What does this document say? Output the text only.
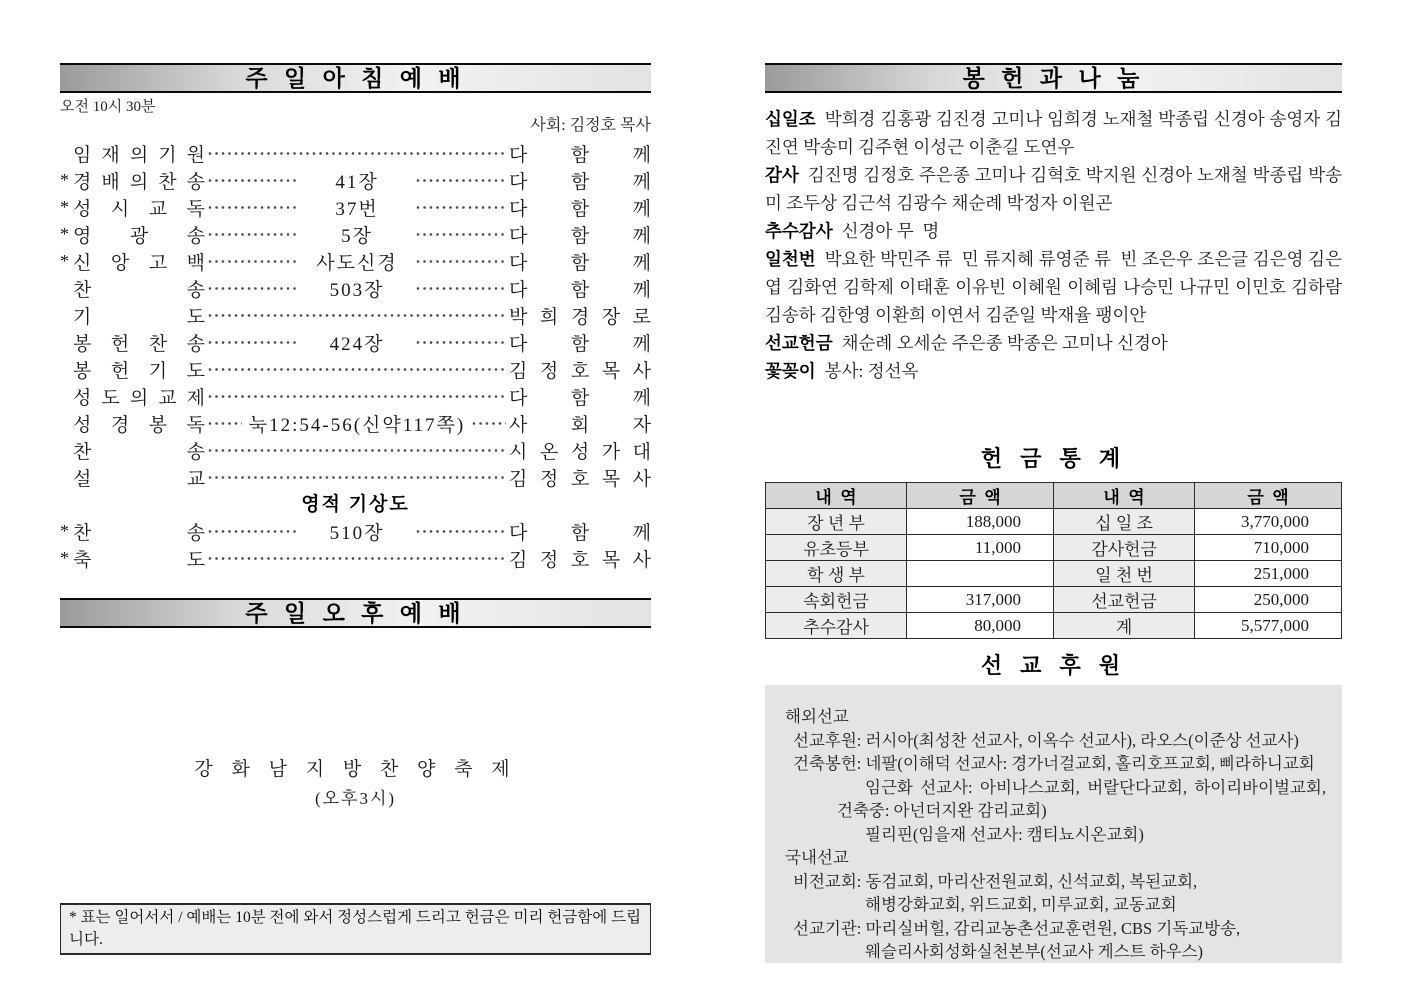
주 일 아 침 예 배
오전 10시 30분
사회: 김정호 목사
임 재 의 기 원	다 함 께
* 경 배 의 찬 송	41장	다 함 께
* 성 시 교 독	37번	다 함 께
* 영 광 송	5장	다 함 께
* 신 앙 고 백	사도신경	다 함 께
찬 송	503장	다 함 께
기 도	박 희 경 장 로
봉 헌 찬 송	424장	다 함 께
봉 헌 기 도	김 정 호 목 사
성 도 의 교 제	다 함 께
성 경 봉 독 눅12:54-56(신약117쪽) 사 회 자
찬 송	시 온 성 가 대
설 교	김 정 호 목 사
영적 기상도
* 찬 송	510장	다 함 께
* 축 도	김 정 호 목 사
주 일 오 후 예 배
강 화 남 지 방 찬 양 축 제
(오후3시)
* 표는 일어서서 / 예배는 10분 전에 와서 정성스럽게 드리고 헌금은 미리 헌금함에 드립니다.
봉 헌 과 나 눔

십일조 박희경 김홍광 김진경 고미나 임희경 노재철 박종립 신경아 송영자 김진연 박송미 김주현 이성근 이춘길 도연우

감사 김진명 김정호 주은종 고미나 김혁호 박지원 신경아 노재철 박종립 박송미 조두상 김근석 김광수 채순례 박정자 이원곤

추수감사 신경아 무  명

일천번 박요한 박민주 류  민 류지혜 류영준 류  빈 조은우 조은글 김은영 김은엽 김화연 김학제 이태훈 이유빈 이혜원 이혜림 나승민 나규민 이민호 김하람 김송하 김한영 이환희 이연서 김준일 박재율 팽이안

선교헌금 채순례 오세순 주은종 박종은 고미나 신경아

꽃꽂이 봉사: 정선옥

헌 금 통 계
내  역	금  액	내  역	금  액
장 년 부	188,000	십 일 조	3,770,000
유초등부	11,000	감사헌금	710,000
학 생 부		일 천 번	251,000
속회헌금	317,000	선교헌금	250,000
추수감사	80,000	계	5,577,000
선 교 후 원
해외선교
선교후원: 러시아(최성찬 선교사, 이옥수 선교사), 라오스(이준상 선교사)
건축봉헌: 네팔(이해덕 선교사: 경가너걸교회, 홀리호프교회, 삐라하니교회
임근화 선교사: 아비나스교회, 버랄단다교회, 하이리바이벌교회,
건축중: 아넌더지완 감리교회)
필리핀(임을재 선교사: 캠티뇨시온교회)
국내선교
비전교회: 동검교회, 마리산전원교회, 신석교회, 복된교회,
해병강화교회, 위드교회, 미루교회, 교동교회
선교기관: 마리실버힐, 감리교농촌선교훈련원, CBS 기독교방송,
웨슬리사회성화실천본부(선교사 게스트 하우스)
